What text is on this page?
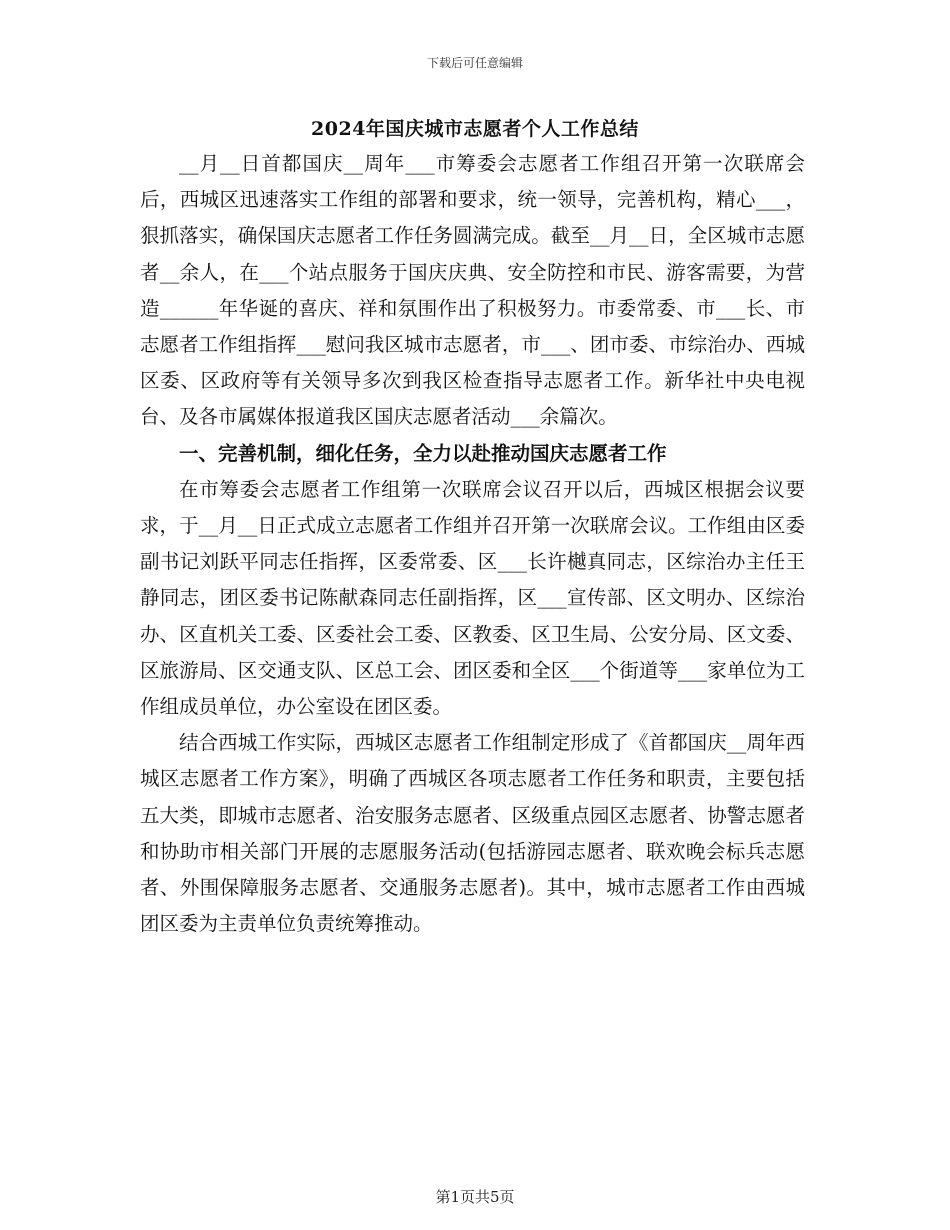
下载后可任意编辑
2024年国庆城市志愿者个人工作总结

__月__日首都国庆__周年___市筹委会志愿者工作组召开第一次联席会后，西城区迅速落实工作组的部署和要求，统一领导，完善机构，精心___，狠抓落实，确保国庆志愿者工作任务圆满完成。截至__月__日，全区城市志愿者__余人，在___个站点服务于国庆庆典、安全防控和市民、游客需要，为营造______年华诞的喜庆、祥和氛围作出了积极努力。市委常委、市___长、市志愿者工作组指挥___慰问我区城市志愿者，市___、团市委、市综治办、西城区委、区政府等有关领导多次到我区检查指导志愿者工作。新华社中央电视台、及各市属媒体报道我区国庆志愿者活动___余篇次。

一、完善机制，细化任务，全力以赴推动国庆志愿者工作

在市筹委会志愿者工作组第一次联席会议召开以后，西城区根据会议要求，于__月__日正式成立志愿者工作组并召开第一次联席会议。工作组由区委副书记刘跃平同志任指挥，区委常委、区___长许樾真同志，区综治办主任王静同志，团区委书记陈献森同志任副指挥，区___宣传部、区文明办、区综治办、区直机关工委、区委社会工委、区教委、区卫生局、公安分局、区文委、区旅游局、区交通支队、区总工会、团区委和全区___个街道等___家单位为工作组成员单位，办公室设在团区委。

结合西城工作实际，西城区志愿者工作组制定形成了《首都国庆__周年西城区志愿者工作方案》，明确了西城区各项志愿者工作任务和职责，主要包括五大类，即城市志愿者、治安服务志愿者、区级重点园区志愿者、协警志愿者和协助市相关部门开展的志愿服务活动(包括游园志愿者、联欢晚会标兵志愿者、外围保障服务志愿者、交通服务志愿者)。其中，城市志愿者工作由西城团区委为主责单位负责统筹推动。

第1页共5页
